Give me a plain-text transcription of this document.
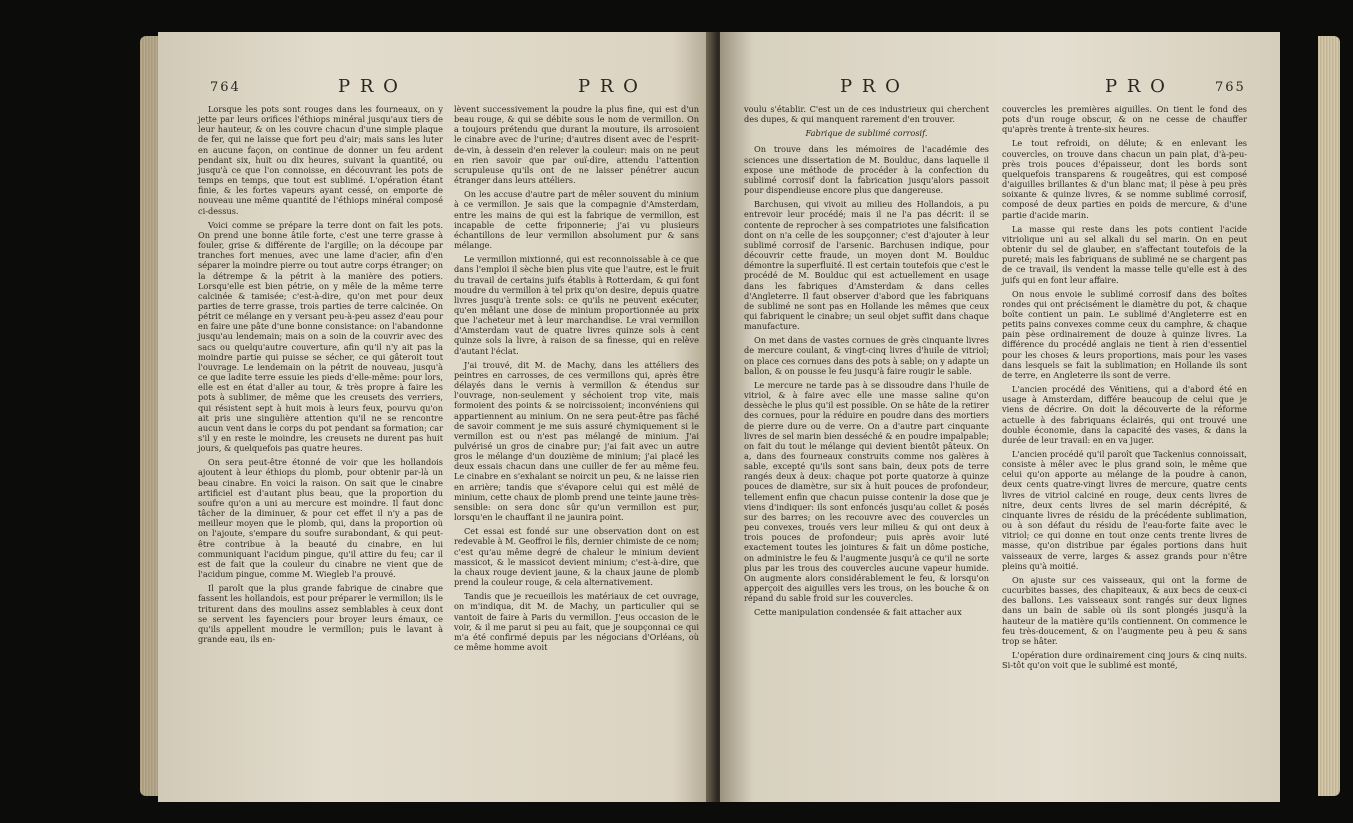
764	P R O	P R O

Lorsque les pots sont rouges dans les fourneaux, on y jette par leurs orifices l'éthiops minéral jusqu'aux tiers de leur hauteur, & on les couvre chacun d'une simple plaque de fer, qui ne laisse que fort peu d'air; mais sans les luter en aucune façon, on continue de donner un feu ardent pendant six, huit ou dix heures, suivant la quantité, ou jusqu'à ce que l'on connoisse, en découvrant les pots de temps en temps, que tout est sublimé. L'opération étant finie, & les fortes vapeurs ayant cessé, on emporte de nouveau une même quantité de l'éthiops minéral composé ci-dessus.

Voici comme se prépare la terre dont on fait les pots. On prend une bonne âtile forte, c'est une terre grasse à fouler, grise & différente de l'argille; on la découpe par tranches fort menues, avec une lame d'acier, afin d'en séparer la moindre pierre ou tout autre corps étranger; on la détrempe & la pétrit à la manière des potiers. Lorsqu'elle est bien pétrie, on y mêle de la même terre calcinée & tamisée; c'est-à-dire, qu'on met pour deux parties de terre grasse, trois parties de terre calcinée. On pétrit ce mélange en y versant peu-à-peu assez d'eau pour en faire une pâte d'une bonne consistance: on l'abandonne jusqu'au lendemain; mais on a soin de la couvrir avec des sacs ou quelqu'autre couverture, afin qu'il n'y ait pas la moindre partie qui puisse se sécher, ce qui gâteroit tout l'ouvrage. Le lendemain on la pétrit de nouveau, jusqu'à ce que ladite terre essuie les pieds d'elle-même: pour lors, elle est en état d'aller au tour, & très propre à faire les pots à sublimer, de même que les creusets des verriers, qui résistent sept à huit mois à leurs feux, pourvu qu'on ait pris une singulière attention qu'il ne se rencontre aucun vent dans le corps du pot pendant sa formation; car s'il y en reste le moindre, les creusets ne durent pas huit jours, & quelquefois pas quatre heures.

On sera peut-être étonné de voir que les hollandois ajoutent à leur éthiops du plomb, pour obtenir par-là un beau cinabre. En voici la raison. On sait que le cinabre artificiel est d'autant plus beau, que la proportion du soufre qu'on a uni au mercure est moindre. Il faut donc tâcher de la diminuer, & pour cet effet il n'y a pas de meilleur moyen que le plomb, qui, dans la proportion où on l'ajoute, s'empare du soufre surabondant, & qui peut-être contribue à la beauté du cinabre, en lui communiquant l'acidum pingue, qu'il attire du feu; car il est de fait que la couleur du cinabre ne vient que de l'acidum pingue, comme M. Wiegleb l'a prouvé.

Il paroît que la plus grande fabrique de cinabre que fassent les hollandois, est pour préparer le vermillon; ils le triturent dans des moulins assez semblables à ceux dont se servent les fayenciers pour broyer leurs émaux, ce qu'ils appellent moudre le vermillon; puis le lavant à grande eau, ils en-

lèvent successivement la poudre la plus fine, qui est d'un beau rouge, & qui se débite sous le nom de vermillon. On a toujours prétendu que durant la mouture, ils arrosoient le cinabre avec de l'urine; d'autres disent avec de l'esprit-de-vin, à dessein d'en relever la couleur: mais on ne peut en rien savoir que par ouï-dire, attendu l'attention scrupuleuse qu'ils ont de ne laisser pénétrer aucun étranger dans leurs attéliers.

On les accuse d'autre part de mêler souvent du minium à ce vermillon. Je sais que la compagnie d'Amsterdam, entre les mains de qui est la fabrique de vermillon, est incapable de cette friponnerie; j'ai vu plusieurs échantillons de leur vermillon absolument pur & sans mélange.

Le vermillon mixtionné, qui est reconnoissable à ce que dans l'emploi il sèche bien plus vite que l'autre, est le fruit du travail de certains juifs établis à Rotterdam, & qui font moudre du vermillon à tel prix qu'on desire, depuis quatre livres jusqu'à trente sols: ce qu'ils ne peuvent exécuter, qu'en mêlant une dose de minium proportionnée au prix que l'acheteur met à leur marchandise. Le vrai vermillon d'Amsterdam vaut de quatre livres quinze sols à cent quinze sols la livre, à raison de sa finesse, qui en relève d'autant l'éclat.

J'ai trouvé, dit M. de Machy, dans les attéliers des peintres en carrosses, de ces vermillons qui, après être délayés dans le vernis à vermillon & étendus sur l'ouvrage, non-seulement y séchoient trop vite, mais formoient des points & se noircissoient; inconvéniens qui appartiennent au minium. On ne sera peut-être pas fâché de savoir comment je me suis assuré chymiquement si le vermillon est ou n'est pas mélangé de minium. J'ai pulvérisé un gros de cinabre pur; j'ai fait avec un autre gros le mélange d'un douzième de minium; j'ai placé les deux essais chacun dans une cuiller de fer au même feu. Le cinabre en s'exhalant se noircit un peu, & ne laisse rien en arrière; tandis que s'évapore celui qui est mêlé de minium, cette chaux de plomb prend une teinte jaune très-sensible: on sera donc sûr qu'un vermillon est pur, lorsqu'en le chauffant il ne jaunira point.

Cet essai est fondé sur une observation dont on est redevable à M. Geoffroi le fils, dernier chimiste de ce nom; c'est qu'au même degré de chaleur le minium devient massicot, & le massicot devient minium; c'est-à-dire, que la chaux rouge devient jaune, & la chaux jaune de plomb prend la couleur rouge, & cela alternativement.

Tandis que je recueillois les matériaux de cet ouvrage, on m'indiqua, dit M. de Machy, un particulier qui se vantoit de faire à Paris du vermillon. J'eus occasion de le voir, & il me parut si peu au fait, que je soupçonnai ce qui m'a été confirmé depuis par les négocians d'Orléans, où ce même homme avoit

P R O	P R O	765

voulu s'établir. C'est un de ces industrieux qui cherchent des dupes, & qui manquent rarement d'en trouver.

Fabrique de sublimé corrosif.

On trouve dans les mémoires de l'académie des sciences une dissertation de M. Boulduc, dans laquelle il expose une méthode de procéder à la confection du sublimé corrosif dont la fabrication jusqu'alors passoit pour dispendieuse encore plus que dangereuse.

Barchusen, qui vivoit au milieu des Hollandois, a pu entrevoir leur procédé; mais il ne l'a pas décrit: il se contente de reprocher à ses compatriotes une falsification dont on n'a celle de les soupçonner; c'est d'ajouter à leur sublimé corrosif de l'arsenic. Barchusen indique, pour découvrir cette fraude, un moyen dont M. Boulduc démontre la superfluité. Il est certain toutefois que c'est le procédé de M. Boulduc qui est actuellement en usage dans les fabriques d'Amsterdam & dans celles d'Angleterre. Il faut observer d'abord que les fabriquans de sublimé ne sont pas en Hollande les mêmes que ceux qui fabriquent le cinabre; un seul objet suffit dans chaque manufacture.

On met dans de vastes cornues de grès cinquante livres de mercure coulant, & vingt-cinq livres d'huile de vitriol; on place ces cornues dans des pots à sable; on y adapte un ballon, & on pousse le feu jusqu'à faire rougir le sable.

Le mercure ne tarde pas à se dissoudre dans l'huile de vitriol, & à faire avec elle une masse saline qu'on dessèche le plus qu'il est possible. On se hâte de la retirer des cornues, pour la réduire en poudre dans des mortiers de pierre dure ou de verre. On a d'autre part cinquante livres de sel marin bien desséché & en poudre impalpable; on fait du tout le mélange qui devient bientôt pâteux. On a, dans des fourneaux construits comme nos galères à sable, excepté qu'ils sont sans bain, deux pots de terre rangés deux à deux: chaque pot porte quatorze à quinze pouces de diamètre, sur six à huit pouces de profondeur, tellement enfin que chacun puisse contenir la dose que je viens d'indiquer: ils sont enfoncés jusqu'au collet & posés sur des barres; on les recouvre avec des couvercles un peu convexes, troués vers leur milieu & qui ont deux à trois pouces de profondeur; puis après avoir luté exactement toutes les jointures & fait un dôme postiche, on administre le feu & l'augmente jusqu'à ce qu'il ne sorte plus par les trous des couvercles aucune vapeur humide. On augmente alors considérablement le feu, & lorsqu'on apperçoit des aiguilles vers les trous, on les bouche & on répand du sable froid sur les couvercles.

Cette manipulation condensée & fait attacher aux

couvercles les premières aiguilles. On tient le fond des pots d'un rouge obscur, & on ne cesse de chauffer qu'après trente à trente-six heures.

Le tout refroidi, on délute; & en enlevant les couvercles, on trouve dans chacun un pain plat, d'à-peu-près trois pouces d'épaisseur, dont les bords sont quelquefois transparens & rougeâtres, qui est composé d'aiguilles brillantes & d'un blanc mat; il pèse à peu près soixante & quinze livres, & se nomme sublimé corrosif, composé de deux parties en poids de mercure, & d'une partie d'acide marin.

La masse qui reste dans les pots contient l'acide vitriolique uni au sel alkali du sel marin. On en peut obtenir du sel de glauber, en s'affectant toutefois de la pureté; mais les fabriquans de sublimé ne se chargent pas de ce travail, ils vendent la masse telle qu'elle est à des juifs qui en font leur affaire.

On nous envoie le sublimé corrosif dans des boîtes rondes qui ont précisément le diamètre du pot, & chaque boîte contient un pain. Le sublimé d'Angleterre est en petits pains convexes comme ceux du camphre, & chaque pain pèse ordinairement de douze à quinze livres. La différence du procédé anglais ne tient à rien d'essentiel pour les choses & leurs proportions, mais pour les vases dans lesquels se fait la sublimation; en Hollande ils sont de terre, en Angleterre ils sont de verre.

L'ancien procédé des Vénitiens, qui a d'abord été en usage à Amsterdam, différe beaucoup de celui que je viens de décrire. On doit la découverte de la réforme actuelle à des fabriquans éclairés, qui ont trouvé une double économie, dans la capacité des vases, & dans la durée de leur travail: en en va juger.

L'ancien procédé qu'il paroît que Tackenius connoissait, consiste à mêler avec le plus grand soin, le même que celui qu'on apporte au mélange de la poudre à canon, deux cents quatre-vingt livres de mercure, quatre cents livres de vitriol calciné en rouge, deux cents livres de nitre, deux cents livres de sel marin décrépité, & cinquante livres de résidu de la précédente sublimation, ou à son défaut du résidu de l'eau-forte faite avec le vitriol; ce qui donne en tout onze cents trente livres de masse, qu'on distribue par égales portions dans huit vaisseaux de verre, larges & assez grands pour n'être pleins qu'à moitié.

On ajuste sur ces vaisseaux, qui ont la forme de cucurbites basses, des chapiteaux, & aux becs de ceux-ci des ballons. Les vaisseaux sont rangés sur deux lignes dans un bain de sable où ils sont plongés jusqu'à la hauteur de la matière qu'ils contiennent. On commence le feu très-doucement, & on l'augmente peu à peu & sans trop se hâter.

L'opération dure ordinairement cinq jours & cinq nuits. Si-tôt qu'on voit que le sublimé est monté,
